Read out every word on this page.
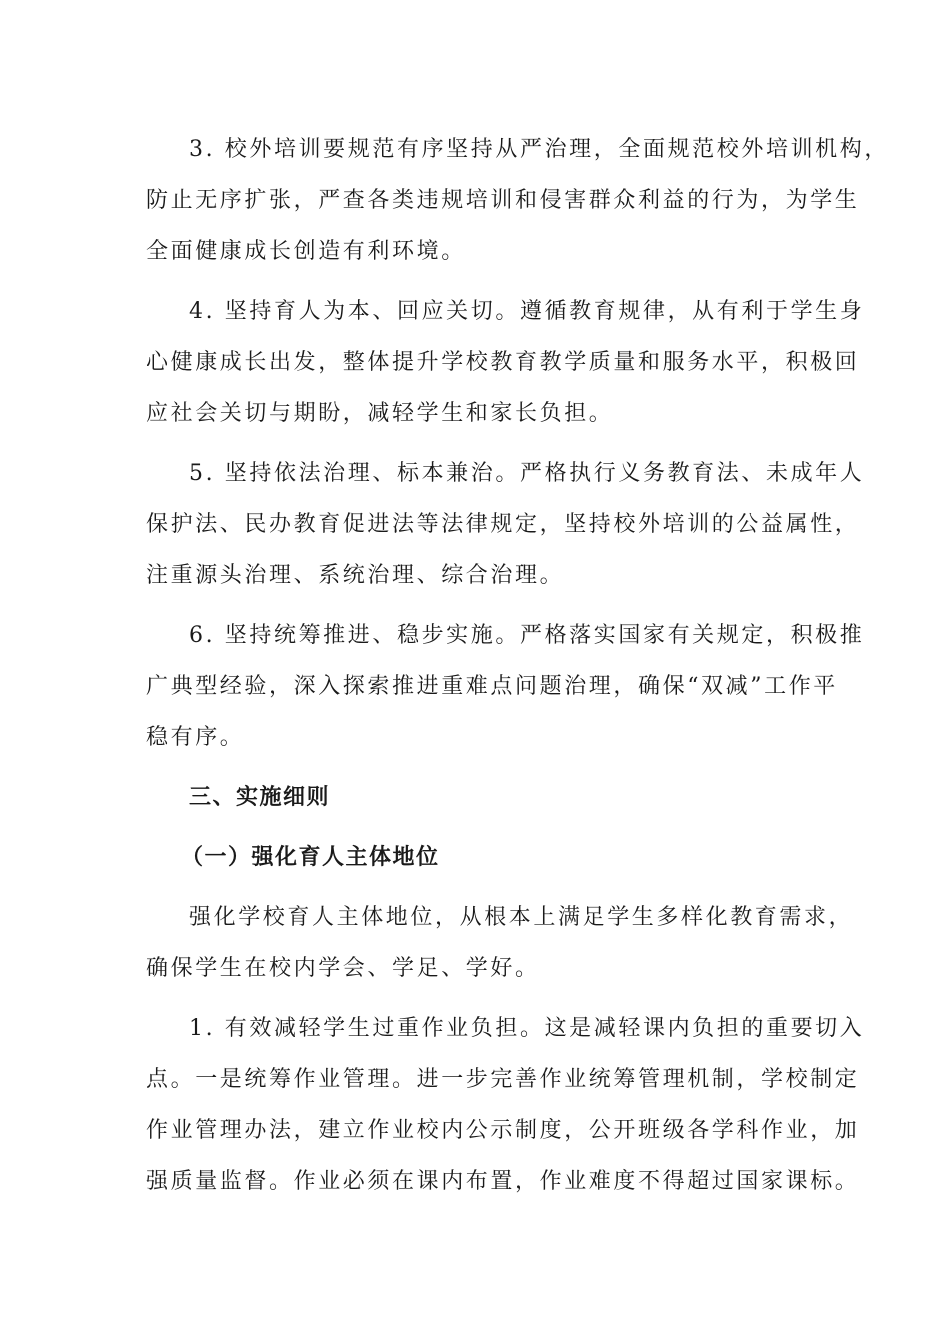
3. 校外培训要规范有序坚持从严治理，全面规范校外培训机构，
防止无序扩张，严查各类违规培训和侵害群众利益的行为，为学生
全面健康成长创造有利环境。
4. 坚持育人为本、回应关切。遵循教育规律，从有利于学生身
心健康成长出发，整体提升学校教育教学质量和服务水平，积极回
应社会关切与期盼，减轻学生和家长负担。
5. 坚持依法治理、标本兼治。严格执行义务教育法、未成年人
保护法、民办教育促进法等法律规定，坚持校外培训的公益属性，
注重源头治理、系统治理、综合治理。
6. 坚持统筹推进、稳步实施。严格落实国家有关规定，积极推
广典型经验，深入探索推进重难点问题治理，确保“双减”工作平
稳有序。
三、实施细则
（一）强化育人主体地位
强化学校育人主体地位，从根本上满足学生多样化教育需求，
确保学生在校内学会、学足、学好。
1. 有效减轻学生过重作业负担。这是减轻课内负担的重要切入
点。一是统筹作业管理。进一步完善作业统筹管理机制，学校制定
作业管理办法，建立作业校内公示制度，公开班级各学科作业，加
强质量监督。作业必须在课内布置，作业难度不得超过国家课标。
